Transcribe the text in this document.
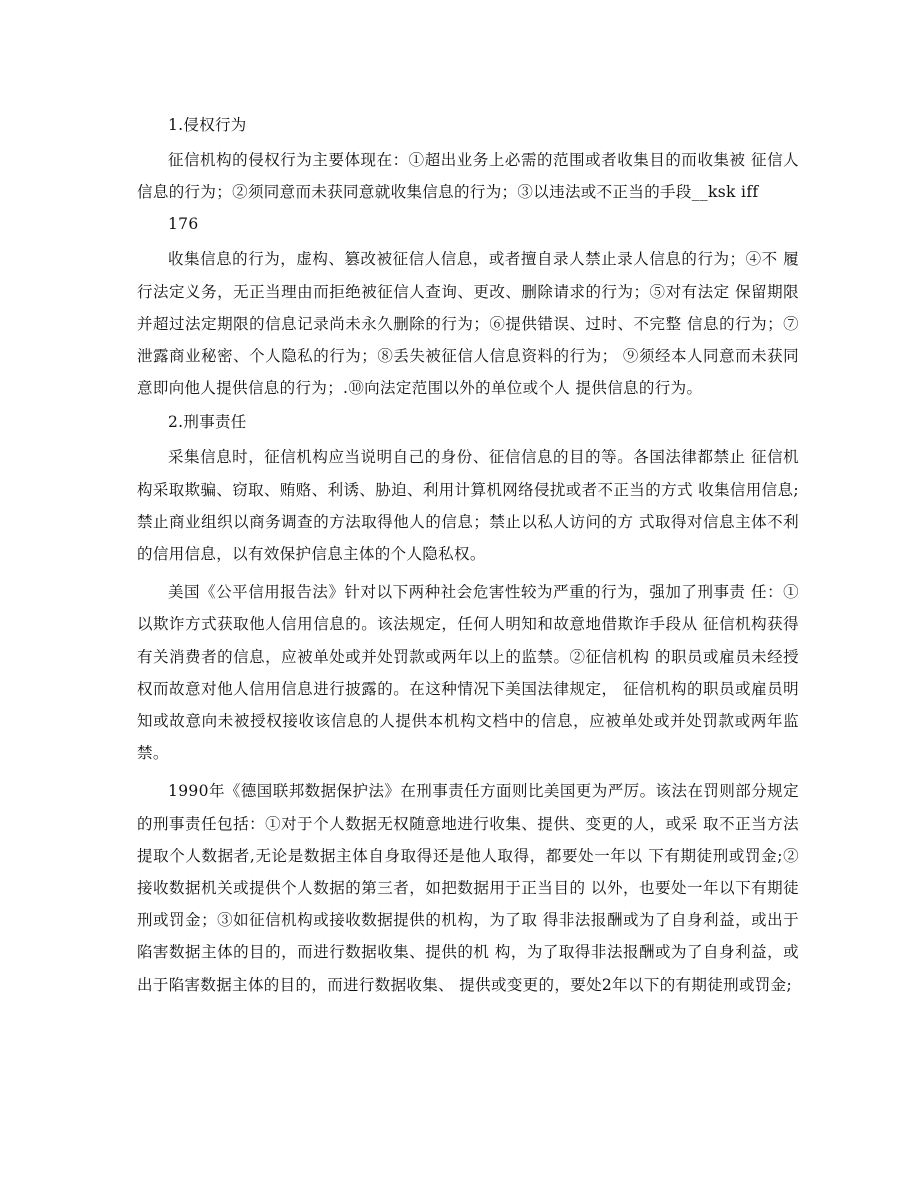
1.侵权行为

征信机构的侵权行为主要体现在：①超出业务上必需的范围或者收集目的而收集被 征信人信息的行为；②须同意而未获同意就收集信息的行为；③以违法或不正当的手段__ksk iff

176

收集信息的行为，虚构、篡改被征信人信息，或者擅自录人禁止录人信息的行为；④不 履行法定义务，无正当理由而拒绝被征信人查询、更改、删除请求的行为；⑤对有法定 保留期限并超过法定期限的信息记录尚未永久删除的行为；⑥提供错误、过时、不完整 信息的行为；⑦泄露商业秘密、个人隐私的行为；⑧丢失被征信人信息资料的行为； ⑨须经本人同意而未获同意即向他人提供信息的行为；.⑩向法定范围以外的单位或个人 提供信息的行为。

2.刑事责任

采集信息时，征信机构应当说明自己的身份、征信信息的目的等。各国法律都禁止 征信机构采取欺骗、窃取、贿赂、利诱、胁迫、利用计算机网络侵扰或者不正当的方式 收集信用信息;禁止商业组织以商务调查的方法取得他人的信息；禁止以私人访问的方 式取得对信息主体不利的信用信息，以有效保护信息主体的个人隐私权。

美国《公平信用报告法》针对以下两种社会危害性较为严重的行为，强加了刑事责 任：①以欺诈方式获取他人信用信息的。该法规定，任何人明知和故意地借欺诈手段从 征信机构获得有关消费者的信息，应被单处或并处罚款或两年以上的监禁。②征信机构 的职员或雇员未经授权而故意对他人信用信息进行披露的。在这种情况下美国法律规定， 征信机构的职员或雇员明知或故意向未被授权接收该信息的人提供本机构文档中的信息，应被单处或并处罚款或两年监禁。

1990年《德国联邦数据保护法》在刑事责任方面则比美国更为严厉。该法在罚则部分规定的刑事责任包括：①对于个人数据无权随意地进行收集、提供、变更的人，或采 取不正当方法提取个人数据者,无论是数据主体自身取得还是他人取得，都要处一年以 下有期徒刑或罚金;②接收数据机关或提供个人数据的第三者，如把数据用于正当目的 以外，也要处一年以下有期徒刑或罚金；③如征信机构或接收数据提供的机构，为了取 得非法报酬或为了自身利益，或出于陷害数据主体的目的，而进行数据收集、提供的机 构，为了取得非法报酬或为了自身利益，或出于陷害数据主体的目的，而进行数据收集、 提供或变更的，要处2年以下的有期徒刑或罚金;
